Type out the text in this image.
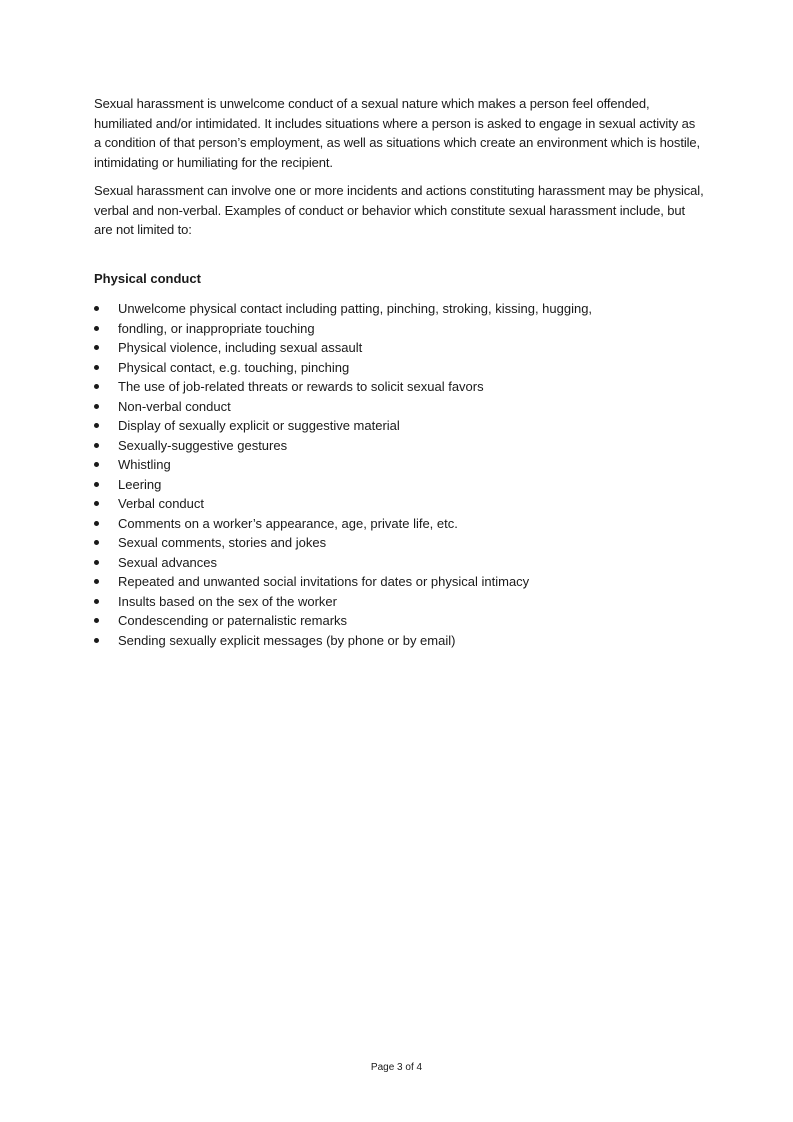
Sexual harassment is unwelcome conduct of a sexual nature which makes a person feel offended, humiliated and/or intimidated. It includes situations where a person is asked to engage in sexual activity as a condition of that person’s employment, as well as situations which create an environment which is hostile, intimidating or humiliating for the recipient.

Sexual harassment can involve one or more incidents and actions constituting harassment may be physical, verbal and non-verbal. Examples of conduct or behavior which constitute sexual harassment include, but are not limited to:

Physical conduct
Unwelcome physical contact including patting, pinching, stroking, kissing, hugging,
fondling, or inappropriate touching
Physical violence, including sexual assault
Physical contact, e.g. touching, pinching
The use of job-related threats or rewards to solicit sexual favors
Non-verbal conduct
Display of sexually explicit or suggestive material
Sexually-suggestive gestures
Whistling
Leering
Verbal conduct
Comments on a worker’s appearance, age, private life, etc.
Sexual comments, stories and jokes
Sexual advances
Repeated and unwanted social invitations for dates or physical intimacy
Insults based on the sex of the worker
Condescending or paternalistic remarks
Sending sexually explicit messages (by phone or by email)
Page 3 of 4
